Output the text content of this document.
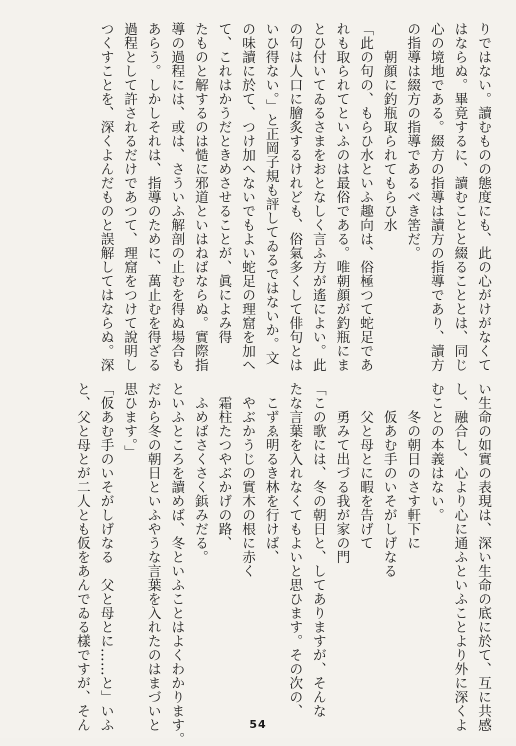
りではない。讀むものの態度にも、此の心がけがなくて
はならぬ。畢竟するに、讀むことと綴ることとは、同じ
心の境地である。綴方の指導は讀方の指導であり、讀方
の指導は綴方の指導であるべき筈だ。
　　朝顔に釣瓶取られてもらひ水
「此の句の、もらひ水といふ趣向は、俗極つて蛇足であ
れも取られてといふのは最俗である。唯朝顔が釣瓶にま
とひ付いてゐるさまをおとなしく言ふ方が遙によい。此
の句は人口に膾炙するけれども、俗氣多くして俳句とは
いひ得ない。」と正岡子規も評してゐるではないか。文
の味讀に於て、つけ加へないでもよい蛇足の理窟を加へ
て、これはかうだときめさせることが、眞によみ得
たものと解するのは慥に邪道といはねばならぬ。實際指
導の過程には、或は、さういふ解剖の止むを得ぬ場合も
あらう。しかしそれは、指導のために、萬止むを得ざる
過程として許されるだけであつて、理窟をつけて說明し
つくすことを、深くよんだものと誤解してはならぬ。深
い生命の如實の表現は、深い生命の底に於て、互に共感
し、融合し、心より心に通ふといふことより外に深くよ
むことの本義はない。
　　冬の朝日のさす軒下に
　　仮あむ手のいそがしげなる
　　父と母とに暇を告げて
　　勇みて出づる我が家の門
「この歌には、冬の朝日と、してありますが、そんな
たな言葉を入れなくてもよいと思ひます。その次の、
　こずゑ明るき林を行けば、
　やぶかうじの實木の根に赤く
　霜柱たつやぶかげの路、
　ふめばさくさく鋲みだる。
といふところを讀めば、冬といふことはよくわかります。
だから冬の朝日といふやうな言葉を入れたのはまづいと
思ひます。」
「仮あむ手のいそがしげなる　父と母とに……と」いふ
と、父と母とが二人とも仮をあんでゐる樣ですが、そん	54
